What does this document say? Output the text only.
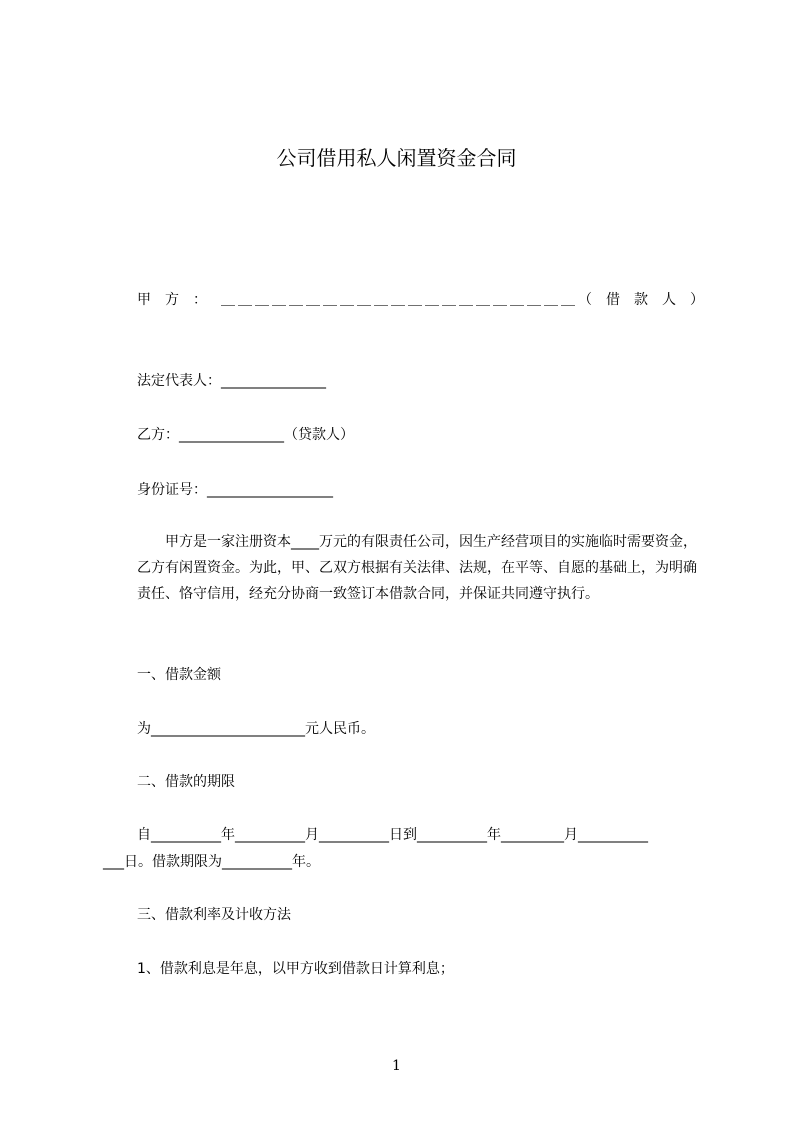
公司借用私人闲置资金合同
甲方： ＿＿＿＿＿＿＿＿＿＿＿＿＿＿＿＿＿＿＿＿＿ （借款人）
法定代表人：_______________
乙方：_______________（贷款人）
身份证号：__________________
　　甲方是一家注册资本____万元的有限责任公司，因生产经营项目的实施临时需要资金，乙方有闲置资金。为此，甲、乙双方根据有关法律、法规，在平等、自愿的基础上，为明确责任、恪守信用，经充分协商一致签订本借款合同，并保证共同遵守执行。
一、借款金额
为______________________元人民币。
二、借款的期限
自__________年__________月__________日到__________年_________月__________
___日。借款期限为__________年。
三、借款利率及计收方法
1、借款利息是年息，以甲方收到借款日计算利息；
1
